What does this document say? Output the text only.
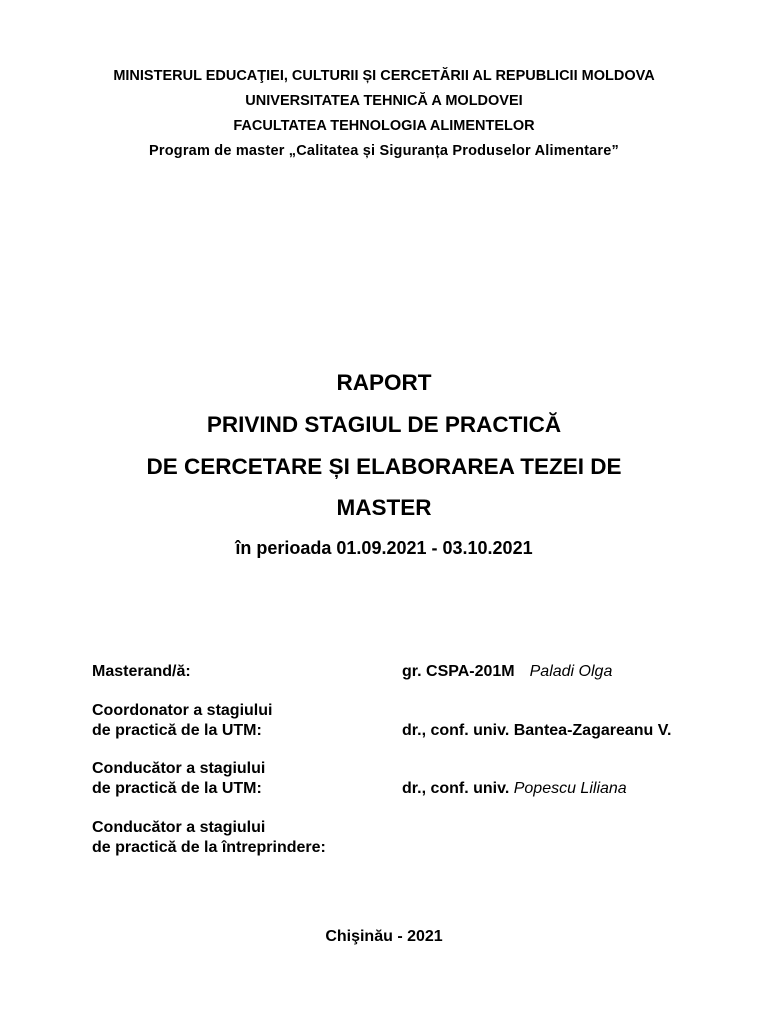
MINISTERUL EDUCAŢIEI, CULTURII ȘI CERCETĂRII AL REPUBLICII MOLDOVA
UNIVERSITATEA TEHNICĂ A MOLDOVEI
FACULTATEA TEHNOLOGIA ALIMENTELOR
Program de master „Calitatea și Siguranța Produselor Alimentare”
RAPORT
PRIVIND STAGIUL DE PRACTICĂ
DE CERCETARE ȘI ELABORAREA TEZEI DE
MASTER
în perioada 01.09.2021 - 03.10.2021
Masterand/ă:	gr. CSPA-201M Paladi Olga
Coordonator a stagiului
de practică de la UTM:	dr., conf. univ. Bantea-Zagareanu V.
Conducător a stagiului
de practică de la UTM:	dr., conf. univ. Popescu Liliana
Conducător a stagiului
de practică de la întreprindere:
Chişinău - 2021
